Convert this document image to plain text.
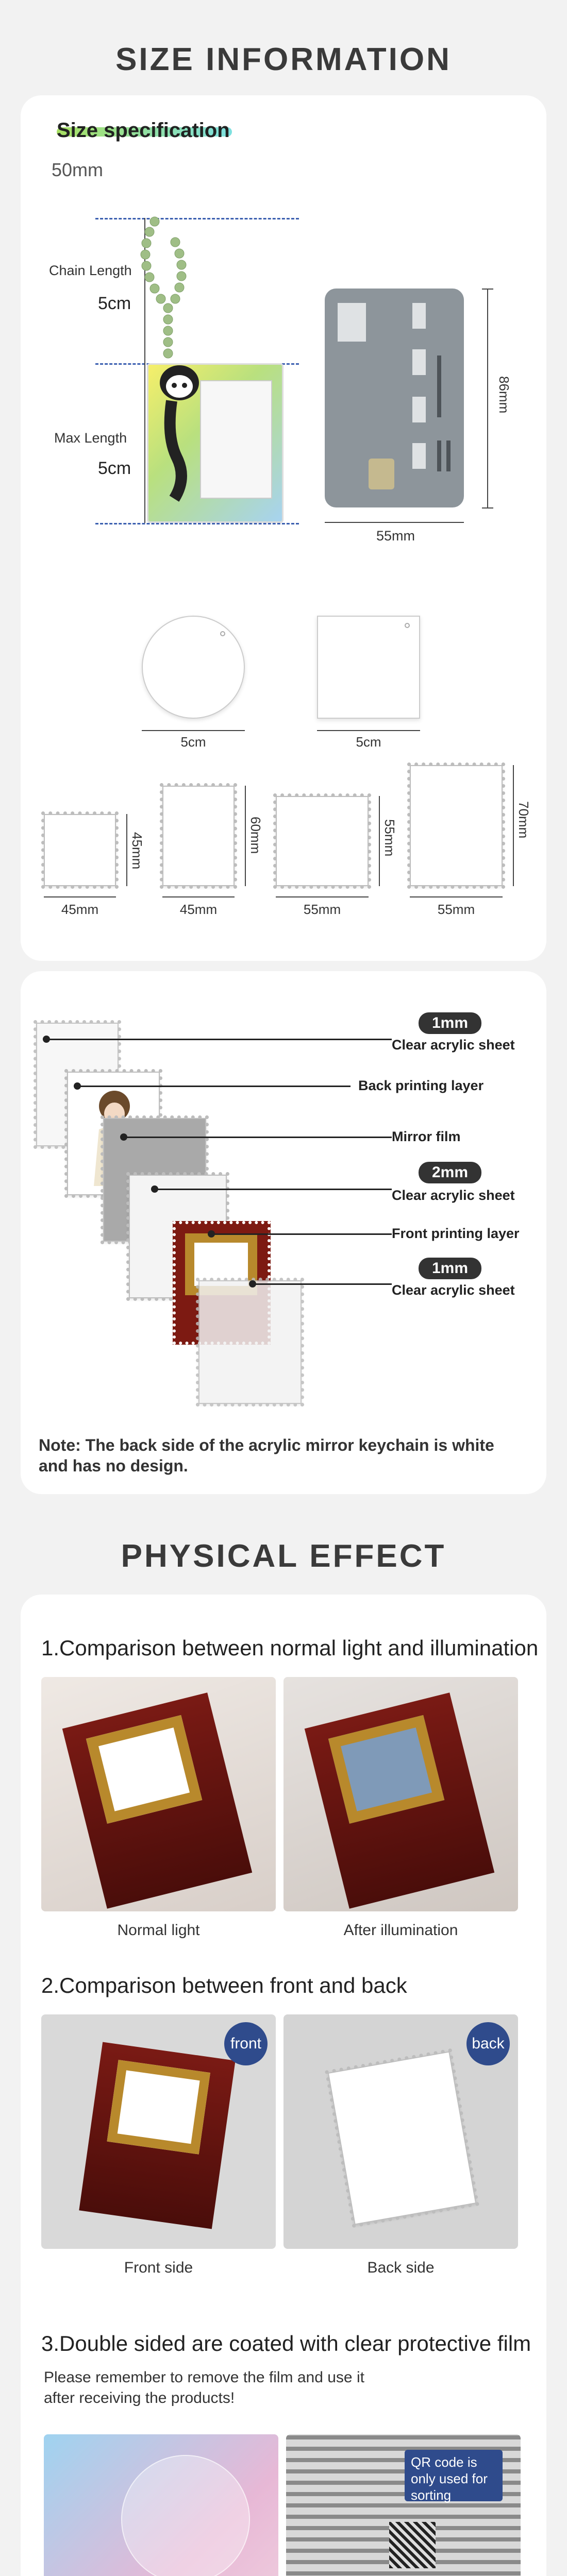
SIZE INFORMATION
Size specification
50mm
Chain Length
5cm
Max Length
5cm
86mm
55mm
5cm	5cm
45mm
45mm
60mm
45mm
55mm
55mm
70mm
55mm
1mm
Clear acrylic sheet
Back printing layer
Mirror film
2mm
Clear acrylic sheet
Front printing layer
1mm
Clear acrylic sheet
Note: The back side of the acrylic mirror keychain is white and has no design.
PHYSICAL EFFECT
1.Comparison between normal light and illumination
Normal light	After illumination
2.Comparison between front and back
front	back
Front side	Back side
3.Double sided are coated with clear protective film
Please remember to remove the film and use it
after receiving the products!
QR code is only used for sorting
